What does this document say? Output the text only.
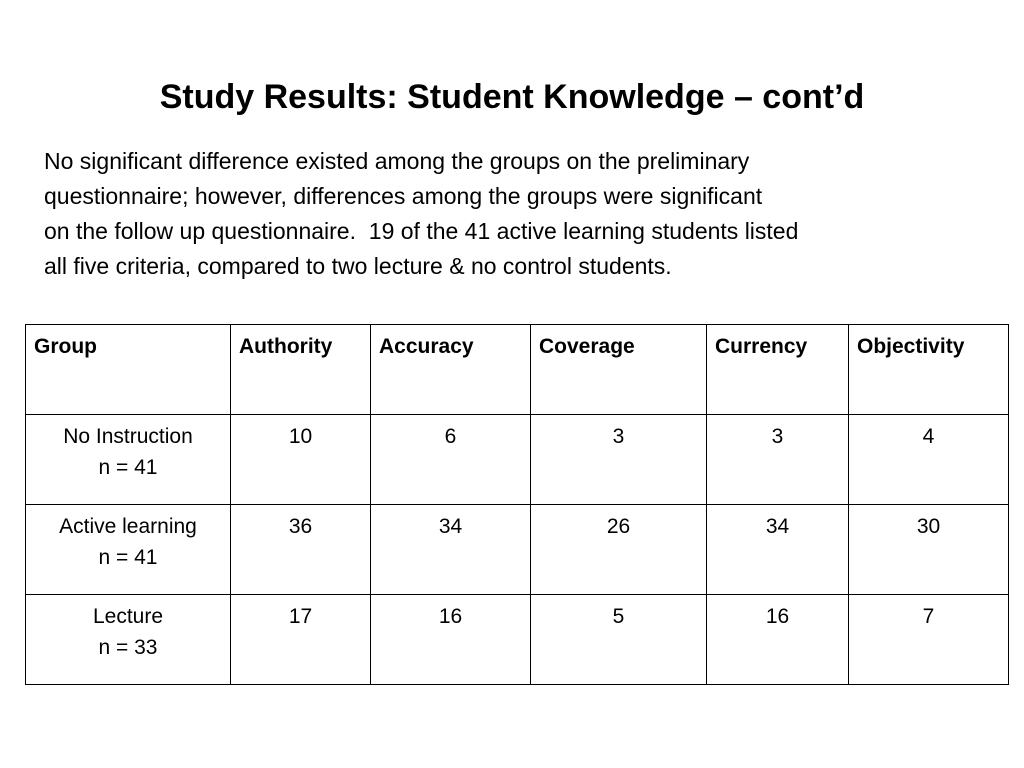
Study Results: Student Knowledge – cont’d

No significant difference existed among the groups on the preliminary
questionnaire; however, differences among the groups were significant
on the follow up questionnaire.  19 of the 41 active learning students listed
all five criteria, compared to two lecture & no control students.

Group	Authority	Accuracy	Coverage	Currency	Objectivity

No Instruction
n = 41	10	6	3	3	4

Active learning
n = 41	36	34	26	34	30

Lecture
n = 33	17	16	5	16	7
